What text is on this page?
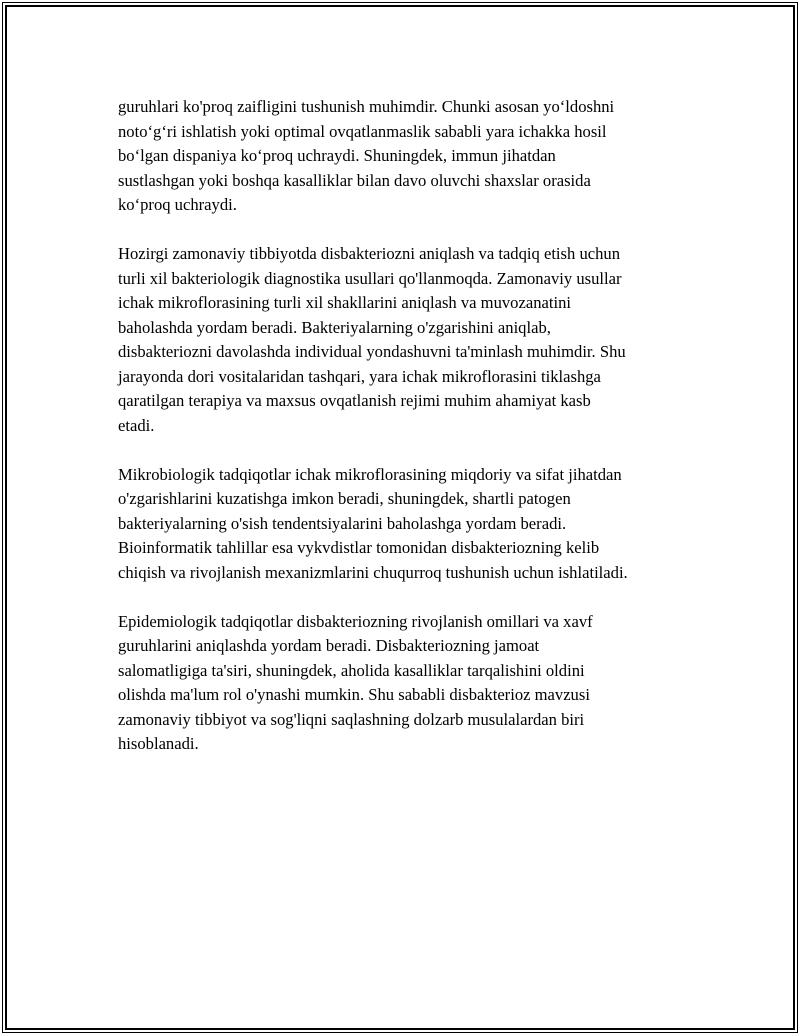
guruhlari ko'proq zaifligini tushunish muhimdir. Chunki asosan yo‘ldoshni
noto‘g‘ri ishlatish yoki optimal ovqatlanmaslik sababli yara ichakka hosil
bo‘lgan dispaniya ko‘proq uchraydi. Shuningdek, immun jihatdan
sustlashgan yoki boshqa kasalliklar bilan davo oluvchi shaxslar orasida
ko‘proq uchraydi.

Hozirgi zamonaviy tibbiyotda disbakteriozni aniqlash va tadqiq etish uchun
turli xil bakteriologik diagnostika usullari qo'llanmoqda. Zamonaviy usullar
ichak mikroflorasining turli xil shakllarini aniqlash va muvozanatini
baholashda yordam beradi. Bakteriyalarning o'zgarishini aniqlab,
disbakteriozni davolashda individual yondashuvni ta'minlash muhimdir. Shu
jarayonda dori vositalaridan tashqari, yara ichak mikroflorasini tiklashga
qaratilgan terapiya va maxsus ovqatlanish rejimi muhim ahamiyat kasb
etadi.

Mikrobiologik tadqiqotlar ichak mikroflorasining miqdoriy va sifat jihatdan
o'zgarishlarini kuzatishga imkon beradi, shuningdek, shartli patogen
bakteriyalarning o'sish tendentsiyalarini baholashga yordam beradi.
Bioinformatik tahlillar esa vykvdistlar tomonidan disbakteriozning kelib
chiqish va rivojlanish mexanizmlarini chuqurroq tushunish uchun ishlatiladi.

Epidemiologik tadqiqotlar disbakteriozning rivojlanish omillari va xavf
guruhlarini aniqlashda yordam beradi. Disbakteriozning jamoat
salomatligiga ta'siri, shuningdek, aholida kasalliklar tarqalishini oldini
olishda ma'lum rol o'ynashi mumkin. Shu sababli disbakterioz mavzusi
zamonaviy tibbiyot va sog'liqni saqlashning dolzarb musulalardan biri
hisoblanadi.
